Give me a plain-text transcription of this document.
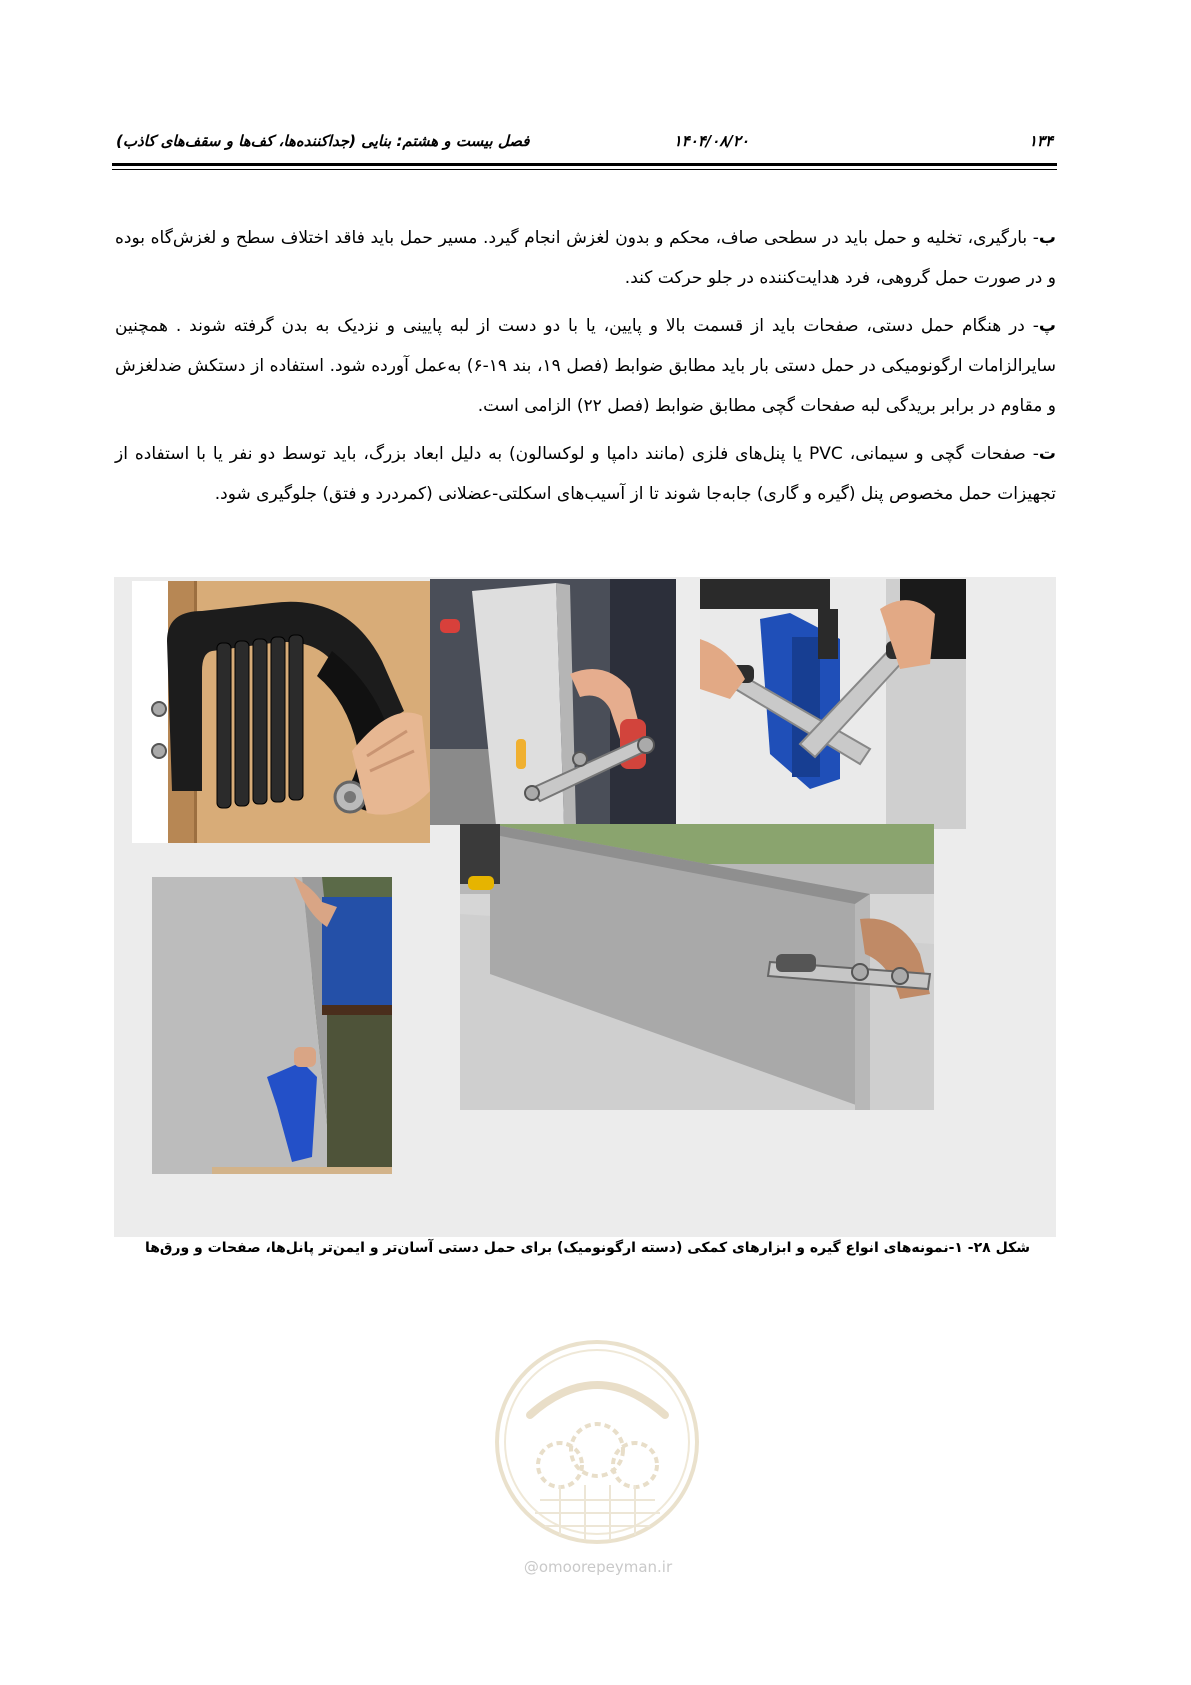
۱۳۴
۱۴۰۴/۰۸/۲۰
فصل بیست و هشتم: بنایی (جداکننده‌ها، کف‌ها و سقف‌های کاذب)

ب- بارگیری، تخلیه و حمل باید در سطحی صاف، محکم و بدون لغزش انجام گیرد. مسیر حمل باید فاقد اختلاف سطح و لغزش‌گاه بوده و در صورت حمل گروهی، فرد هدایت‌کننده در جلو حرکت کند.

پ- در هنگام حمل دستی، صفحات باید از قسمت بالا و پایین، یا با دو دست از لبه پایینی و نزدیک به بدن گرفته شوند . همچنین سایرالزامات ارگونومیکی در حمل دستی بار باید مطابق ضوابط (فصل ۱۹، بند ۱۹-۶) به‌عمل آورده شود. استفاده از دستکش ضدلغزش و مقاوم در برابر بریدگی لبه صفحات گچی مطابق ضوابط (فصل ۲۲) الزامی است.

ت- صفحات گچی و سیمانی، PVC یا پنل‌های فلزی (مانند دامپا و لوکسالون) به دلیل ابعاد بزرگ، باید توسط دو نفر یا با استفاده از تجهیزات حمل مخصوص پنل (گیره و گاری) جابه‌جا شوند تا از آسیب‌های اسکلتی-عضلانی (کمردرد و فتق) جلوگیری شود.

شکل ۲۸- ۱-نمونه‌های انواع گیره و ابزارهای کمکی (دسته ارگونومیک) برای حمل دستی آسان‌تر و ایمن‌تر پانل‌ها، صفحات و ورق‌ها
@omoorepeyman.ir
